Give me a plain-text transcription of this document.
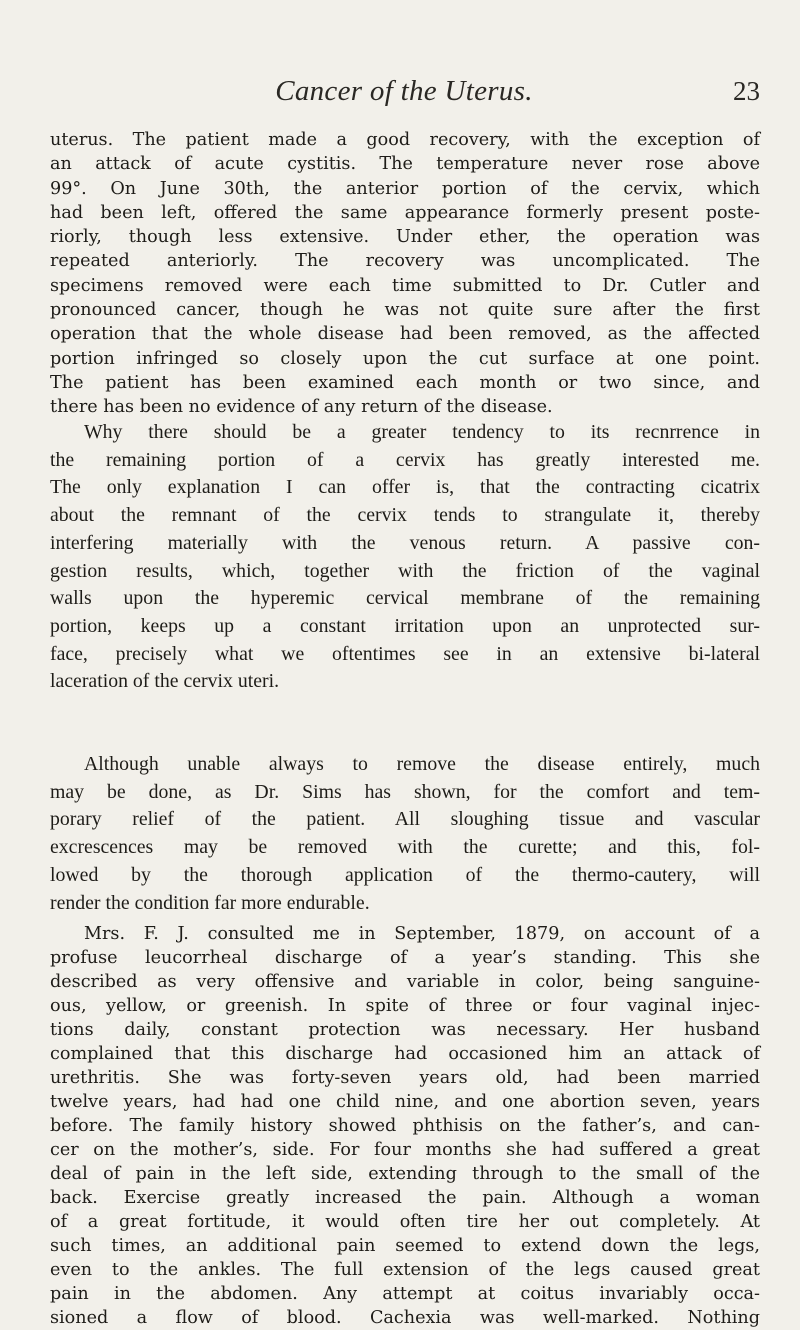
Cancer of the Uterus.	23
uterus. The patient made a good recovery, with the exception of
an attack of acute cystitis. The temperature never rose above
99°. On June 30th, the anterior portion of the cervix, which
had been left, offered the same appearance formerly present poste-
riorly, though less extensive. Under ether, the operation was
repeated anteriorly. The recovery was uncomplicated. The
specimens removed were each time submitted to Dr. Cutler and
pronounced cancer, though he was not quite sure after the first
operation that the whole disease had been removed, as the affected
portion infringed so closely upon the cut surface at one point.
The patient has been examined each month or two since, and
there has been no evidence of any return of the disease.
Why there should be a greater tendency to its recnrrence in
the remaining portion of a cervix has greatly interested me.
The only explanation I can offer is, that the contracting cicatrix
about the remnant of the cervix tends to strangulate it, thereby
interfering materially with the venous return. A passive con-
gestion results, which, together with the friction of the vaginal
walls upon the hyperemic cervical membrane of the remaining
portion, keeps up a constant irritation upon an unprotected sur-
face, precisely what we oftentimes see in an extensive bi-lateral
laceration of the cervix uteri.
Although unable always to remove the disease entirely, much
may be done, as Dr. Sims has shown, for the comfort and tem-
porary relief of the patient. All sloughing tissue and vascular
excrescences may be removed with the curette; and this, fol-
lowed by the thorough application of the thermo-cautery, will
render the condition far more endurable.
Mrs. F. J. consulted me in September, 1879, on account of a
profuse leucorrheal discharge of a year’s standing. This she
described as very offensive and variable in color, being sanguine-
ous, yellow, or greenish. In spite of three or four vaginal injec-
tions daily, constant protection was necessary. Her husband
complained that this discharge had occasioned him an attack of
urethritis. She was forty-seven years old, had been married
twelve years, had had one child nine, and one abortion seven, years
before. The family history showed phthisis on the father’s, and can-
cer on the mother’s, side. For four months she had suffered a great
deal of pain in the left side, extending through to the small of the
back. Exercise greatly increased the pain. Although a woman
of a great fortitude, it would often tire her out completely. At
such times, an additional pain seemed to extend down the legs,
even to the ankles. The full extension of the legs caused great
pain in the abdomen. Any attempt at coitus invariably occa-
sioned a flow of blood. Cachexia was well-marked. Nothing
